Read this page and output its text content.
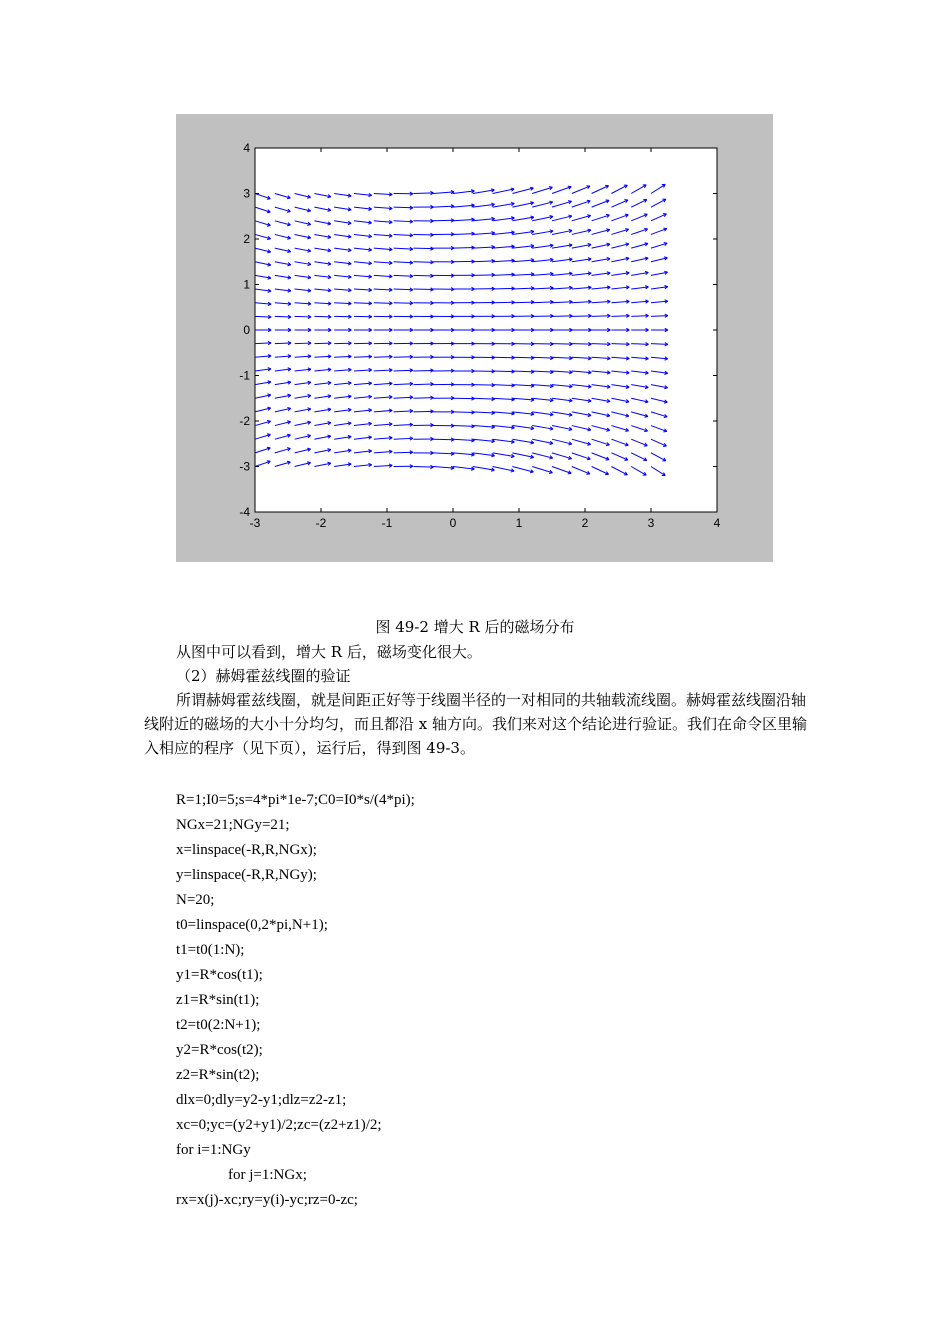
-3	-2	-1	0	1	2	3	4
4
3
2
1
0
-1
-2
-3
-4
图 49-2 增大 R 后的磁场分布

从图中可以看到，增大 R 后，磁场变化很大。

（2）赫姆霍兹线圈的验证

所谓赫姆霍兹线圈，就是间距正好等于线圈半径的一对相同的共轴载流线圈。赫姆霍兹线圈沿轴线附近的磁场的大小十分均匀，而且都沿 x 轴方向。我们来对这个结论进行验证。我们在命令区里输入相应的程序（见下页），运行后，得到图 49-3。

R=1;I0=5;s=4*pi*1e-7;C0=I0*s/(4*pi);
NGx=21;NGy=21;
x=linspace(-R,R,NGx);
y=linspace(-R,R,NGy);
N=20;
t0=linspace(0,2*pi,N+1);
t1=t0(1:N);
y1=R*cos(t1);
z1=R*sin(t1);
t2=t0(2:N+1);
y2=R*cos(t2);
z2=R*sin(t2);
dlx=0;dly=y2-y1;dlz=z2-z1;
xc=0;yc=(y2+y1)/2;zc=(z2+z1)/2;
for i=1:NGy
for j=1:NGx;
rx=x(j)-xc;ry=y(i)-yc;rz=0-zc;
